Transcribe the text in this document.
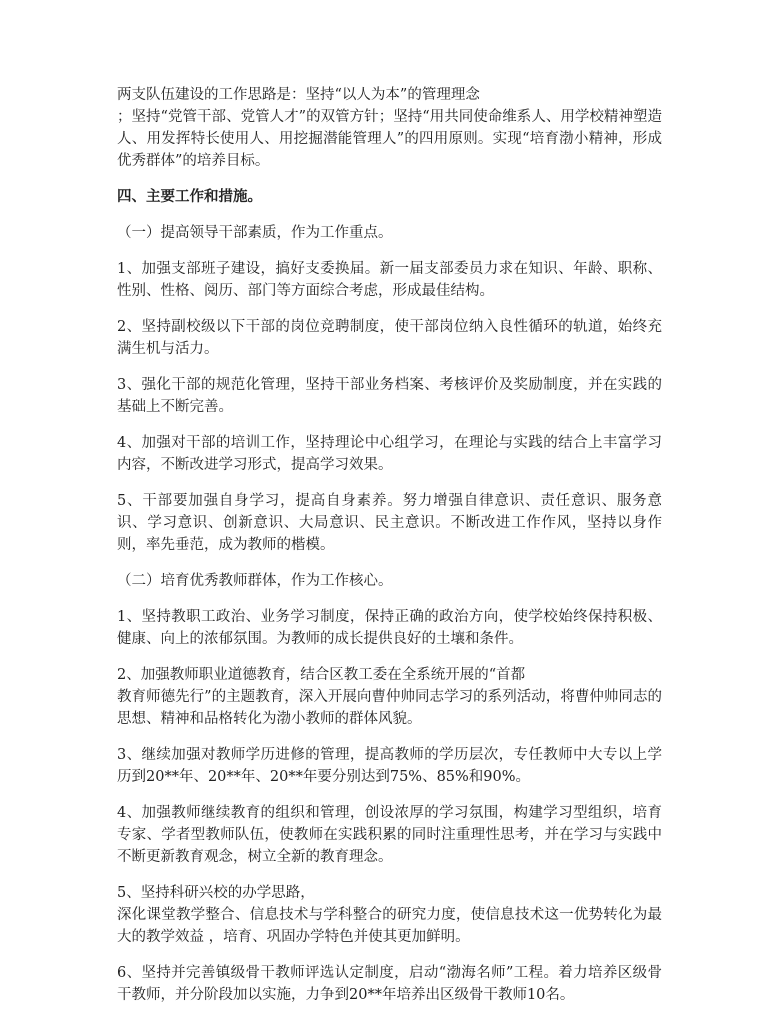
两支队伍建设的工作思路是：坚持“以人为本”的管理理念
；坚持“党管干部、党管人才”的双管方针；坚持“用共同使命维系人、用学校精神塑造人、用发挥特长使用人、用挖掘潜能管理人”的四用原则。实现“培育渤小精神，形成优秀群体”的培养目标。

四、主要工作和措施。

（一）提高领导干部素质，作为工作重点。

1、加强支部班子建设，搞好支委换届。新一届支部委员力求在知识、年龄、职称、性别、性格、阅历、部门等方面综合考虑，形成最佳结构。

2、坚持副校级以下干部的岗位竞聘制度，使干部岗位纳入良性循环的轨道，始终充满生机与活力。

3、强化干部的规范化管理，坚持干部业务档案、考核评价及奖励制度，并在实践的基础上不断完善。

4、加强对干部的培训工作，坚持理论中心组学习，在理论与实践的结合上丰富学习内容，不断改进学习形式，提高学习效果。

5、干部要加强自身学习，提高自身素养。努力增强自律意识、责任意识、服务意识、学习意识、创新意识、大局意识、民主意识。不断改进工作作风，坚持以身作则，率先垂范，成为教师的楷模。

（二）培育优秀教师群体，作为工作核心。

1、坚持教职工政治、业务学习制度，保持正确的政治方向，使学校始终保持积极、健康、向上的浓郁氛围。为教师的成长提供良好的土壤和条件。

2、加强教师职业道德教育，结合区教工委在全系统开展的“首都
教育师德先行”的主题教育，深入开展向曹仲帅同志学习的系列活动，将曹仲帅同志的思想、精神和品格转化为渤小教师的群体风貌。

3、继续加强对教师学历进修的管理，提高教师的学历层次，专任教师中大专以上学历到20**年、20**年、20**年要分别达到75%、85%和90%。

4、加强教师继续教育的组织和管理，创设浓厚的学习氛围，构建学习型组织，培育专家、学者型教师队伍，使教师在实践积累的同时注重理性思考，并在学习与实践中不断更新教育观念，树立全新的教育理念。

5、坚持科研兴校的办学思路，
深化课堂教学整合、信息技术与学科整合的研究力度，使信息技术这一优势转化为最大的教学效益 ，培育、巩固办学特色并使其更加鲜明。

6、坚持并完善镇级骨干教师评选认定制度，启动“渤海名师”工程。着力培养区级骨干教师，并分阶段加以实施，力争到20**年培养出区级骨干教师10名。
